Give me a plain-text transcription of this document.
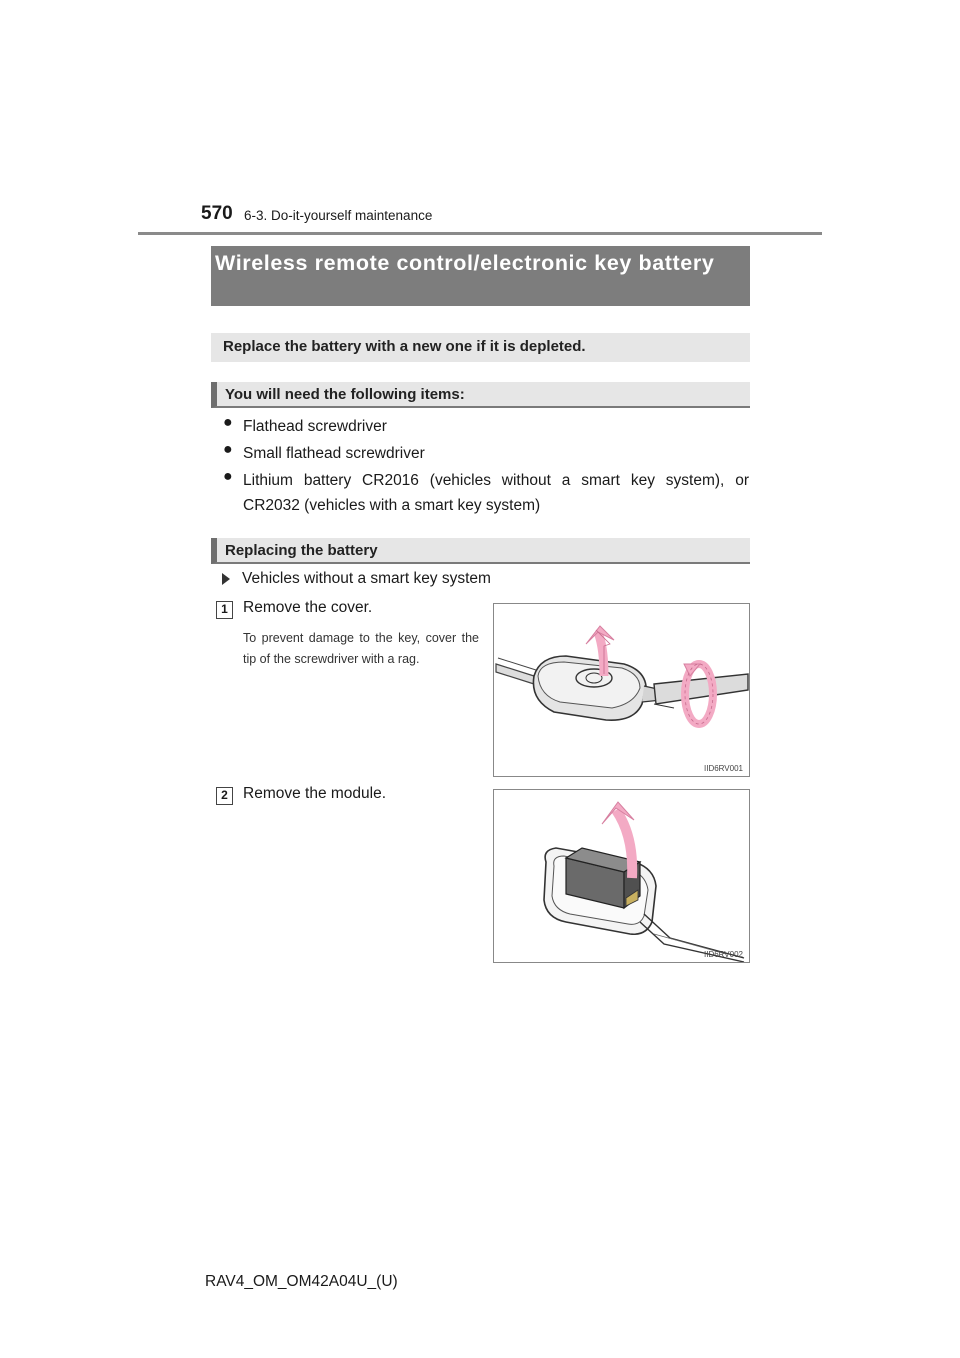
570 6-3. Do-it-yourself maintenance
Wireless remote control/electronic key battery
Replace the battery with a new one if it is depleted.
You will need the following items:
● Flathead screwdriver
● Small flathead screwdriver
● Lithium battery CR2016 (vehicles without a smart key system), or CR2032 (vehicles with a smart key system)
Replacing the battery
Vehicles without a smart key system
1 Remove the cover.
To prevent damage to the key, cover the tip of the screwdriver with a rag.
IID6RV001
2 Remove the module.
IID6RV002
RAV4_OM_OM42A04U_(U)
